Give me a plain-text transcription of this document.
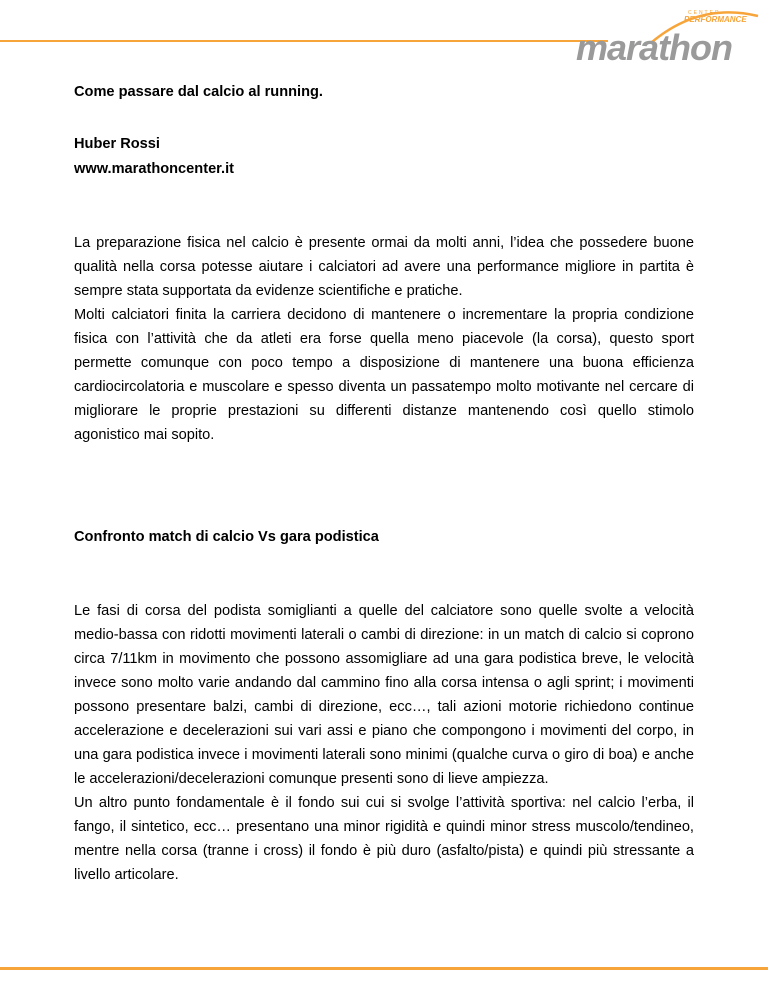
CENTER
PERFORMANCE
marathon

Come passare dal calcio al running.

Huber Rossi

www.marathoncenter.it

La preparazione fisica nel calcio è presente ormai da molti anni, l’idea che possedere buone qualità nella corsa potesse aiutare i calciatori ad avere una performance migliore in partita è sempre stata supportata da evidenze scientifiche e pratiche.

Molti calciatori finita la carriera decidono di mantenere o incrementare la propria condizione fisica con l’attività che da atleti era forse quella meno piacevole (la corsa), questo sport permette comunque con poco tempo a disposizione di mantenere una buona efficienza cardiocircolatoria e muscolare e spesso diventa un passatempo molto motivante nel cercare di migliorare le proprie prestazioni su differenti distanze mantenendo così quello stimolo agonistico mai sopito.

Confronto match di calcio Vs gara podistica

Le fasi di corsa del podista somiglianti a quelle del calciatore sono quelle svolte a velocità medio-bassa con ridotti movimenti laterali o cambi di direzione: in un match di calcio si coprono circa 7/11km in movimento che possono assomigliare ad una gara podistica breve, le velocità invece sono molto varie andando dal cammino fino alla corsa intensa o agli sprint; i movimenti possono presentare balzi, cambi di direzione, ecc…, tali azioni motorie richiedono continue accelerazione e decelerazioni sui vari assi e piano che compongono i movimenti del corpo, in una gara podistica invece i movimenti laterali sono minimi (qualche curva o giro di boa) e anche le accelerazioni/decelerazioni comunque presenti sono di lieve ampiezza.

Un altro punto fondamentale è il fondo sui cui si svolge l’attività sportiva: nel calcio l’erba, il fango, il sintetico, ecc… presentano una minor rigidità e quindi minor stress muscolo/tendineo, mentre nella corsa (tranne i cross) il fondo è più duro (asfalto/pista) e quindi più stressante a livello articolare.
